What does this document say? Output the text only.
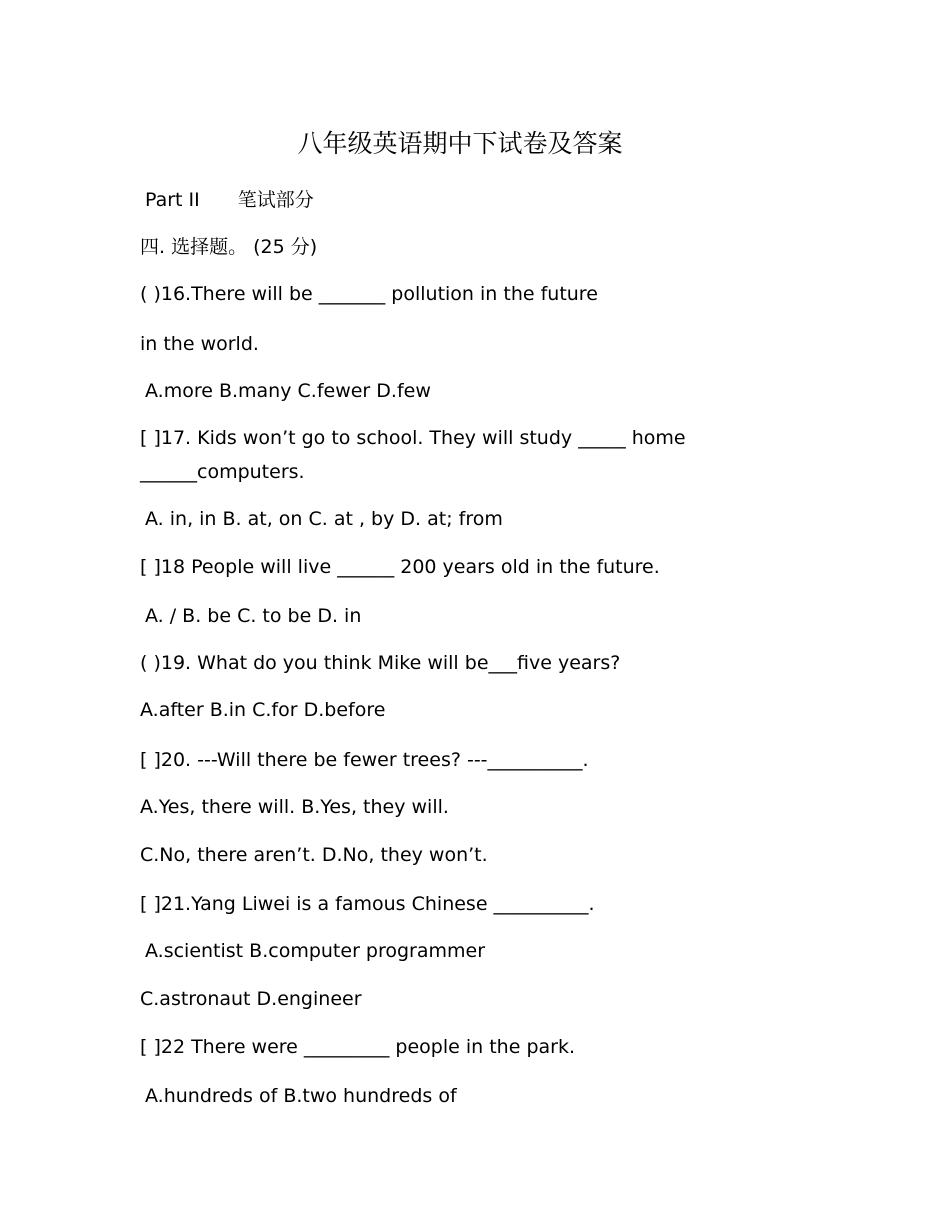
八年级英语期中下试卷及答案
Part II 笔试部分
四. 选择题。 (25 分)
( )16.There will be _______ pollution in the future
in the world.
A.more B.many C.fewer D.few
[ ]17. Kids won’t go to school. They will study _____ home ______computers.
A. in, in B. at, on C. at , by D. at; from
[ ]18 People will live ______ 200 years old in the future.
A. / B. be C. to be D. in
( )19. What do you think Mike will be___five years?
A.after B.in C.for D.before
[ ]20. ---Will there be fewer trees? ---__________.
A.Yes, there will. B.Yes, they will.
C.No, there aren’t. D.No, they won’t.
[ ]21.Yang Liwei is a famous Chinese __________.
A.scientist B.computer programmer
C.astronaut D.engineer
[ ]22 There were _________ people in the park.
A.hundreds of B.two hundreds of
